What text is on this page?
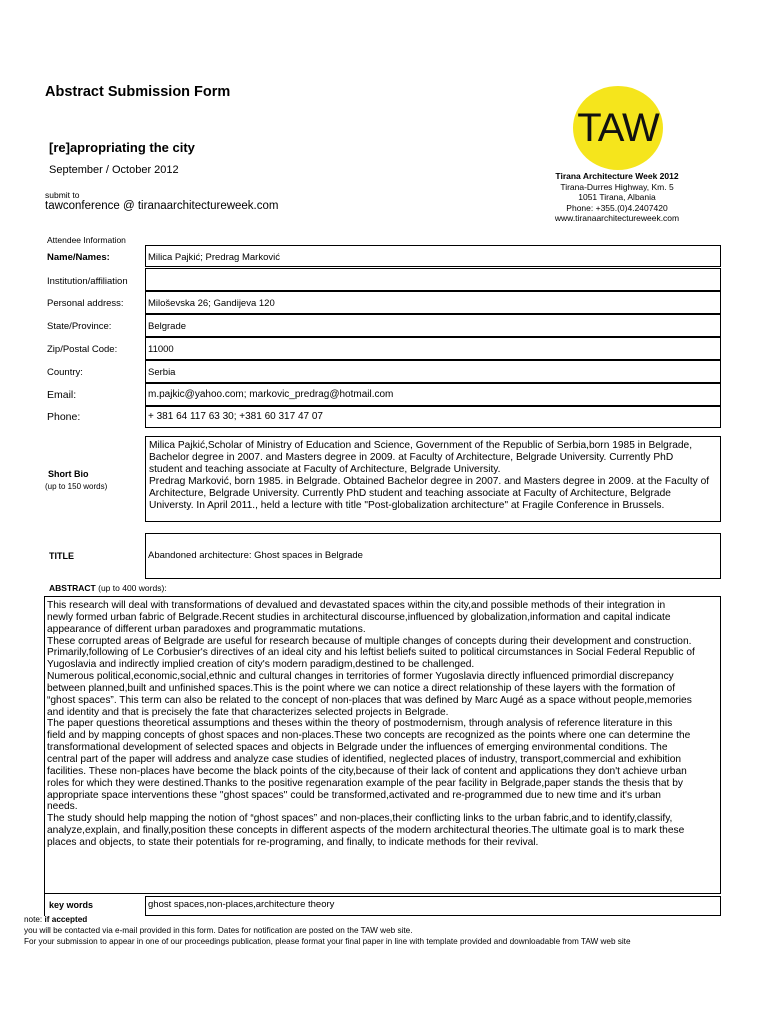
Abstract Submission Form
[re]apropriating the city
September / October 2012
submit to
tawconference @ tiranaarchitectureweek.com
TAW
Tirana Architecture Week 2012
Tirana-Durres Highway, Km. 5
1051 Tirana, Albania
Phone: +355.(0)4.2407420
www.tiranaarchitectureweek.com
Attendee Information
Name/Names:	Milica Pajkić; Predrag Marković
Institution/affiliation
Personal address:	Miloševska 26; Gandijeva 120
State/Province:	Belgrade
Zip/Postal Code:	11000
Country:	Serbia
Email:	m.pajkic@yahoo.com; markovic_predrag@hotmail.com
Phone:	+ 381 64 117 63 30; +381 60 317 47 07
Short Bio
(up to 150 words)
Milica Pajkić,Scholar of Ministry of Education and Science, Government of the Republic of Serbia,born 1985 in Belgrade,
Bachelor degree in 2007. and Masters degree in 2009. at Faculty of Architecture, Belgrade University. Currently PhD
student and teaching associate at Faculty of Architecture, Belgrade University.
Predrag Marković, born 1985. in Belgrade. Obtained Bachelor degree in 2007. and Masters degree in 2009. at the Faculty of
Architecture, Belgrade University. Currently PhD student and teaching associate at Faculty of Architecture, Belgrade
Universty. In April 2011., held a lecture with title "Post-globalization architecture" at Fragile Conference in Brussels.
TITLE	Abandoned architecture: Ghost spaces in Belgrade
ABSTRACT (up to 400 words):
This research will deal with transformations of devalued and devastated spaces within the city,and possible methods of their integration in
newly formed urban fabric of Belgrade.Recent studies in architectural discourse,influenced by globalization,information and capital indicate
appearance of different urban paradoxes and programmatic mutations.
These corrupted areas of Belgrade are useful for research because of multiple changes of concepts during their development and construction.
Primarily,following of Le Corbusier's directives of an ideal city and his leftist beliefs suited to political circumstances in Social Federal Republic of
Yugoslavia and indirectly implied creation of city's modern paradigm,destined to be challenged.
Numerous political,economic,social,ethnic and cultural changes in territories of former Yugoslavia directly influenced primordial discrepancy
between planned,built and unfinished spaces.This is the point where we can notice a direct relationship of these layers with the formation of
“ghost spaces”. This term can also be related to the concept of non-places that was defined by Marc Augé as a space without people,memories
and identity and that is precisely the fate that characterizes selected projects in Belgrade.
The paper questions theoretical assumptions and theses within the theory of postmodernism, through analysis of reference literature in this
field and by mapping concepts of ghost spaces and non-places.These two concepts are recognized as the points where one can determine the
transformational development of selected spaces and objects in Belgrade under the influences of emerging environmental conditions. The
central part of the paper will address and analyze case studies of identified, neglected places of industry, transport,commercial and exhibition
facilities. These non-places have become the black points of the city,because of their lack of content and applications they don't achieve urban
roles for which they were destined.Thanks to the positive regenaration example of the pear facility in Belgrade,paper stands the thesis that by
appropriate space interventions these ''ghost spaces'' could be transformed,activated and re-programmed due to new time and it's urban
needs.
The study should help mapping the notion of “ghost spaces” and non-places,their conflicting links to the urban fabric,and to identify,classify,
analyze,explain, and finally,position these concepts in different aspects of the modern architectural theories.The ultimate goal is to mark these
places and objects, to state their potentials for re-programing, and finally, to indicate methods for their revival.
key words	ghost spaces,non-places,architecture theory
note: if accepted
you will be contacted via e-mail provided in this form. Dates for notification are posted on the TAW web site.
For your submission to appear in one of our proceedings publication, please format your final paper in line with template provided and downloadable from TAW web site
